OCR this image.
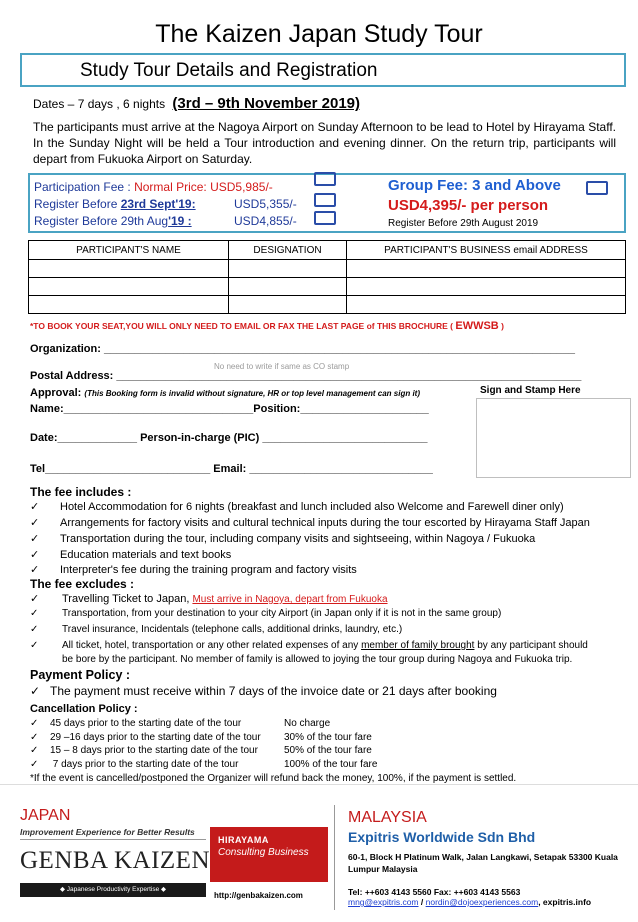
The Kaizen Japan Study Tour
Study Tour Details and Registration
Dates – 7 days , 6 nights (3rd – 9th November 2019)
The participants must arrive at the Nagoya Airport on Sunday Afternoon to be lead to Hotel by Hirayama Staff. In the Sunday Night will be held a Tour introduction and evening dinner. On the return trip, participants will depart from Fukuoka Airport on Saturday.
Participation Fee : Normal Price: USD5,985/-
Register Before 23rd Sept'19:	USD5,355/-
Register Before 29th Aug'19 :	USD4,855/-
Group Fee: 3 and Above
USD4,395/- per person
Register Before 29th August 2019
PARTICIPANT'S NAME	DESIGNATION	PARTICIPANT'S BUSINESS email ADDRESS

*TO BOOK YOUR SEAT,YOU WILL ONLY NEED TO EMAIL OR FAX THE LAST PAGE of THIS BROCHURE ( EWWSB )
Organization: _____________________________________________________________________________
No need to write if same as CO stamp
Postal Address: ____________________________________________________________________________
Approval: (This Booking form is invalid without signature, HR or top level management can sign it)	Sign and Stamp Here
Name:_______________________________Position:_____________________
Date:_____________ Person-in-charge (PIC) ___________________________
Tel___________________________ Email: ______________________________
The fee includes :
✓ Hotel Accommodation for 6 nights (breakfast and lunch included also Welcome and Farewell diner only)
✓ Arrangements for factory visits and cultural technical inputs during the tour escorted by Hirayama Staff Japan
✓ Transportation during the tour, including company visits and sightseeing, within Nagoya / Fukuoka
✓ Education materials and text books
✓ Interpreter's fee during the training program and factory visits
The fee excludes :
✓ Travelling Ticket to Japan, Must arrive in Nagoya, depart from Fukuoka
✓ Transportation, from your destination to your city Airport (in Japan only if it is not in the same group)
✓ Travel insurance, Incidentals (telephone calls, additional drinks, laundry, etc.)
✓ All ticket, hotel, transportation or any other related expenses of any member of family brought by any participant should
be bore by the participant. No member of family is allowed to joying the tour group during Nagoya and Fukuoka trip.
Payment Policy :
✓ The payment must receive within 7 days of the invoice date or 21 days after booking
Cancellation Policy :
✓ 45 days prior to the starting date of the tour	No charge
✓ 29 –16 days prior to the starting date of the tour 30% of the tour fare
✓ 15 – 8 days prior to the starting date of the tour	50% of the tour fare
✓ 7 days prior to the starting date of the tour	100% of the tour fare
*If the event is cancelled/postponed the Organizer will refund back the money, 100%, if the payment is settled.
JAPAN
Improvement Experience for Better Results
GENBA KAIZEN
◆ Japanese Productivity Expertise ◆
HIRAYAMA
Consulting Business
http://genbakaizen.com
MALAYSIA
Expitris Worldwide Sdn Bhd
60-1, Block H Platinum Walk, Jalan Langkawi, Setapak 53300 Kuala Lumpur Malaysia
Tel: ++603 4143 5560 Fax: ++603 4143 5563
mng@expitris.com / nordin@dojoexperiences.com, expitris.info
